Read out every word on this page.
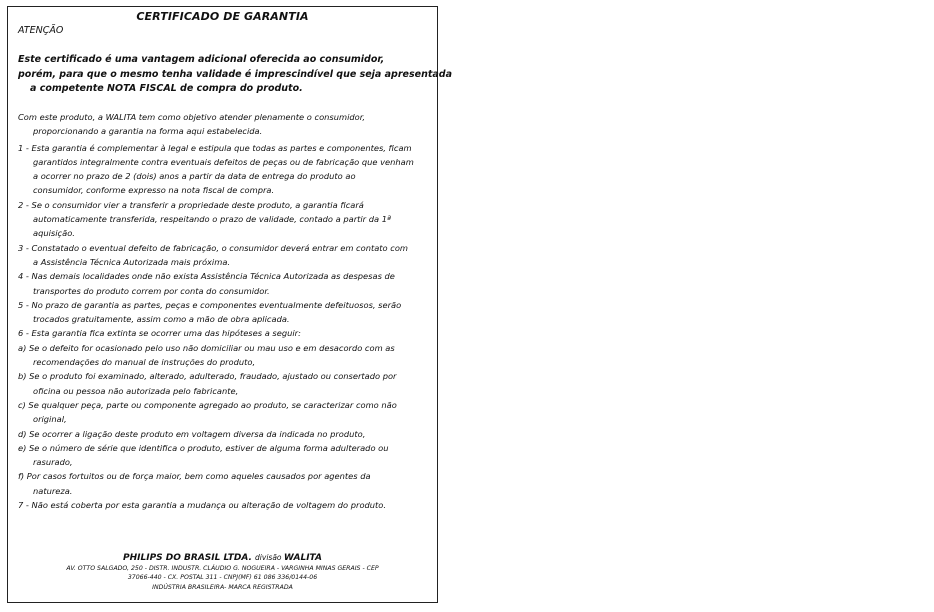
CERTIFICADO DE GARANTIA
ATENÇÃO
Este certificado é uma vantagem adicional oferecida ao consumidor,
porém, para que o mesmo tenha validade é imprescindível que seja apresentada
a competente NOTA FISCAL de compra do produto.
Com este produto, a WALITA tem como objetivo atender plenamente o consumidor,
proporcionando a garantia na forma aqui estabelecida.
1 - Esta garantia é complementar à legal e estipula que todas as partes e componentes, ficam
garantidos integralmente contra eventuais defeitos de peças ou de fabricação que venham
a ocorrer no prazo de 2 (dois) anos a partir da data de entrega do produto ao
consumidor, conforme expresso na nota fiscal de compra.
2 - Se o consumidor vier a transferir a propriedade deste produto, a garantia ficará
automaticamente transferida, respeitando o prazo de validade, contado a partir da 1ª
aquisição.
3 - Constatado o eventual defeito de fabricação, o consumidor deverá entrar em contato com
a Assistência Técnica Autorizada mais próxima.
4 - Nas demais localidades onde não exista Assistência Técnica Autorizada as despesas de
transportes do produto correm por conta do consumidor.
5 - No prazo de garantia as partes, peças e componentes eventualmente defeituosos, serão
trocados gratuitamente, assim como a mão de obra aplicada.
6 - Esta garantia fica extinta se ocorrer uma das hipóteses a seguir:
a) Se o defeito for ocasionado pelo uso não domiciliar ou mau uso e em desacordo com as
recomendações do manual de instruções do produto,
b) Se o produto foi examinado, alterado, adulterado, fraudado, ajustado ou consertado por
oficina ou pessoa não autorizada pelo fabricante,
c) Se qualquer peça, parte ou componente agregado ao produto, se caracterizar como não
original,
d) Se ocorrer a ligação deste produto em voltagem diversa da indicada no produto,
e) Se o número de série que identifica o produto, estiver de alguma forma adulterado ou
rasurado,
f) Por casos fortuitos ou de força maior, bem como aqueles causados por agentes da
natureza.
7 - Não está coberta por esta garantia a mudança ou alteração de voltagem do produto.
PHILIPS DO BRASIL LTDA. divisão WALITA
AV. OTTO SALGADO, 250 - DISTR. INDUSTR. CLÁUDIO G. NOGUEIRA - VARGINHA MINAS GERAIS - CEP
37066-440 - CX. POSTAL 311 - CNPJ(MF) 61 086 336/0144-06
INDÚSTRIA BRASILEIRA- MARCA REGISTRADA
